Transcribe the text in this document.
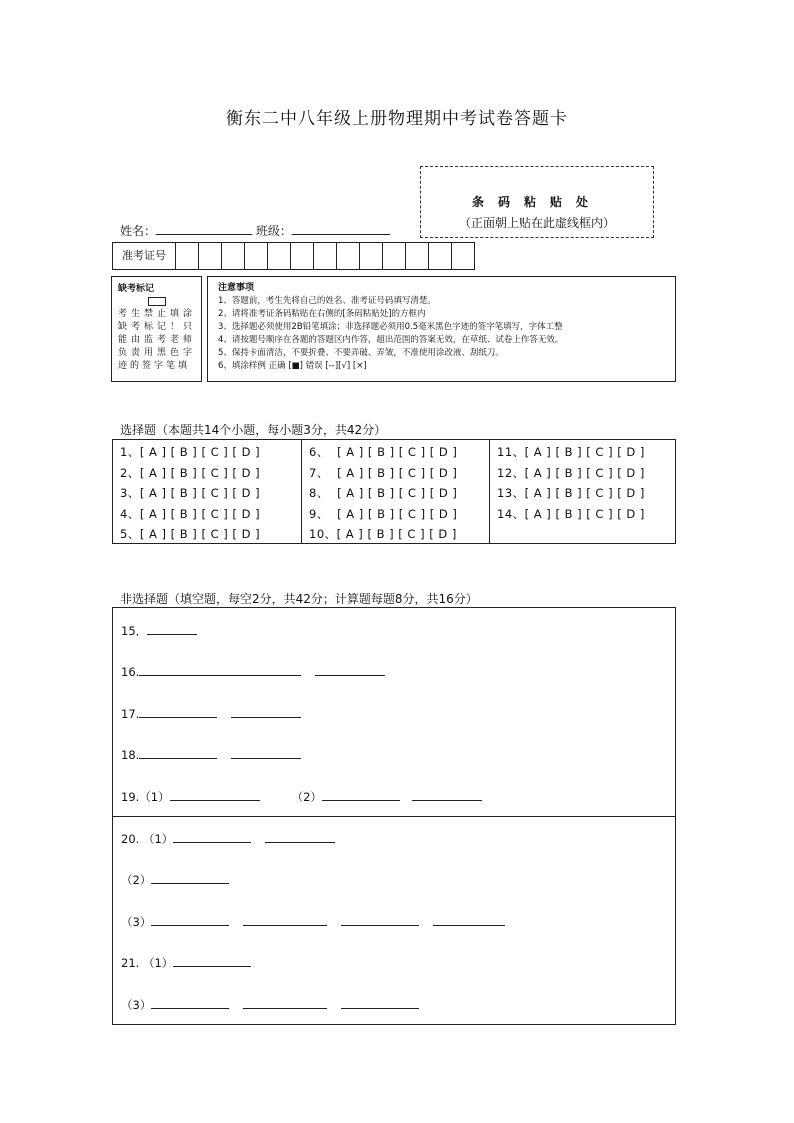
衡东二中八年级上册物理期中考试卷答题卡
条码粘贴处
（正面朝上贴在此虚线框内）
姓名：	班级：
准考证号
缺考标记
考生禁止填涂缺考标记！只能由监考老师负责用黑色字迹的签字笔填
注意事项
1、答题前，考生先将自己的姓名、准考证号码填写清楚。
2、请将准考证条码粘贴在右侧的[条码粘贴处]的方框内
3、选择题必须使用2B铅笔填涂；非选择题必须用0.5毫米黑色字迹的签字笔填写，字体工整
4、请按题号顺序在各题的答题区内作答，超出范围的答案无效，在草纸、试卷上作答无效。
5、保持卡面清洁，不要折叠、不要弄破、弄皱，不准使用涂改液、刮纸刀。
6、填涂样例 正确 [■] 错误 [--][√] [×]
选择题（本题共14个小题，每小题3分，共42分）
1、[ A ] [ B ] [ C ] [ D ]
2、[ A ] [ B ] [ C ] [ D ]
3、[ A ] [ B ] [ C ] [ D ]
4、[ A ] [ B ] [ C ] [ D ]
5、[ A ] [ B ] [ C ] [ D ]
6、  [ A ] [ B ] [ C ] [ D ]
7、  [ A ] [ B ] [ C ] [ D ]
8、  [ A ] [ B ] [ C ] [ D ]
9、  [ A ] [ B ] [ C ] [ D ]
10、[ A ] [ B ] [ C ] [ D ]
11、[ A ] [ B ] [ C ] [ D ]
12、[ A ] [ B ] [ C ] [ D ]
13、[ A ] [ B ] [ C ] [ D ]
14、[ A ] [ B ] [ C ] [ D ]
非选择题（填空题，每空2分，共42分；计算题每题8分，共16分）
15．
16.
17.
18.
19.（1）	（2）
20. （1）
（2）
（3）
21. （1）
（3）
